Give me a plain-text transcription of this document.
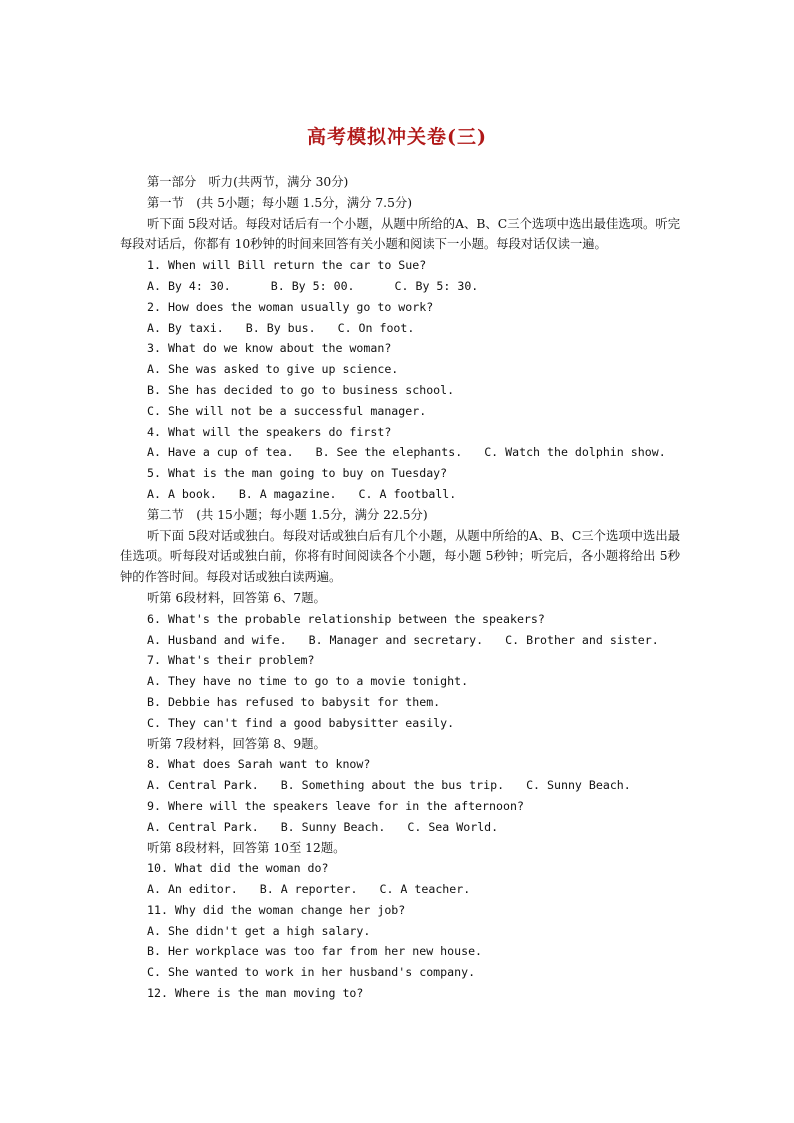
高考模拟冲关卷(三)
第一部分　听力(共两节，满分 30分)
第一节　(共 5小题；每小题 1.5分，满分 7.5分)
听下面 5段对话。每段对话后有一个小题，从题中所给的A、B、C三个选项中选出最佳选项。听完每段对话后，你都有 10秒钟的时间来回答有关小题和阅读下一小题。每段对话仅读一遍。
1. When will Bill return the car to Sue?
A. By 4: 30.	B. By 5: 00.	C. By 5: 30.
2. How does the woman usually go to work?
A. By taxi. B. By bus. C. On foot.
3. What do we know about the woman?
A. She was asked to give up science.
B. She has decided to go to business school.
C. She will not be a successful manager.
4. What will the speakers do first?
A. Have a cup of tea. B. See the elephants. C. Watch the dolphin show.
5. What is the man going to buy on Tuesday?
A. A book. B. A magazine. C. A football.
第二节　(共 15小题；每小题 1.5分，满分 22.5分)
听下面 5段对话或独白。每段对话或独白后有几个小题，从题中所给的A、B、C三个选项中选出最佳选项。听每段对话或独白前，你将有时间阅读各个小题，每小题 5秒钟；听完后，各小题将给出 5秒钟的作答时间。每段对话或独白读两遍。
听第 6段材料，回答第 6、7题。
6. What's the probable relationship between the speakers?
A. Husband and wife. B. Manager and secretary. C. Brother and sister.
7. What's their problem?
A. They have no time to go to a movie tonight.
B. Debbie has refused to babysit for them.
C. They can't find a good babysitter easily.
听第 7段材料，回答第 8、9题。
8. What does Sarah want to know?
A. Central Park. B. Something about the bus trip. C. Sunny Beach.
9. Where will the speakers leave for in the afternoon?
A. Central Park. B. Sunny Beach. C. Sea World.
听第 8段材料，回答第 10至 12题。
10. What did the woman do?
A. An editor. B. A reporter. C. A teacher.
11. Why did the woman change her job?
A. She didn't get a high salary.
B. Her workplace was too far from her new house.
C. She wanted to work in her husband's company.
12. Where is the man moving to?
